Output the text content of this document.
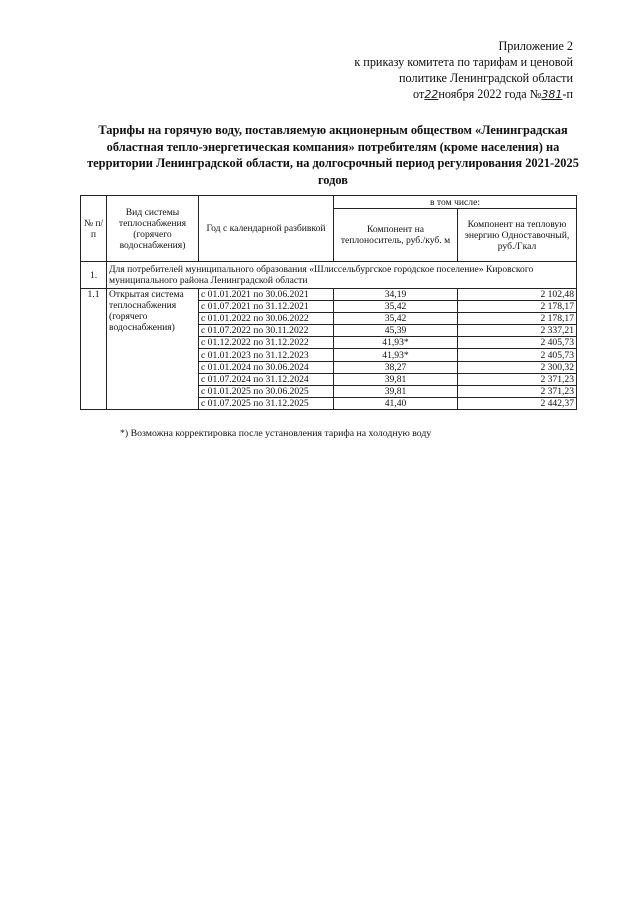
Приложение 2
к приказу комитета по тарифам и ценовой
политике Ленинградской области
от22ноября 2022 года №381-п
Тарифы на горячую воду, поставляемую акционерным обществом «Ленинградская
областная тепло-энергетическая компания» потребителям (кроме населения) на
территории Ленинградской области, на долгосрочный период регулирования 2021-2025
годов
№ п/п	Вид системы теплоснабжения (горячего водоснабжения)	Год с календарной разбивкой	в том числе:	
			Компонент на теплоноситель, руб./куб. м	Компонент на тепловую энергию Одноставочный, руб./Гкал
1.	Для потребителей муниципального образования «Шлиссельбургское городское поселение» Кировского муниципального района Ленинградской области			
1.1	Открытая система теплоснабжения (горячего водоснабжения)	с 01.01.2021 по 30.06.2021	34,19	2 102,48
		с 01.07.2021 по 31.12.2021	35,42	2 178,17
		с 01.01.2022 по 30.06.2022	35,42	2 178,17
		с 01.07.2022 по 30.11.2022	45,39	2 337,21
		с 01.12.2022 по 31.12.2022	41,93*	2 405,73
		с 01.01.2023 по 31.12.2023	41,93*	2 405,73
		с 01.01.2024 по 30.06.2024	38,27	2 300,32
		с 01.07.2024 по 31.12.2024	39,81	2 371,23
		с 01.01.2025 по 30.06.2025	39,81	2 371,23
		с 01.07.2025 по 31.12.2025	41,40	2 442,37
*) Возможна корректировка после установления тарифа на холодную воду
